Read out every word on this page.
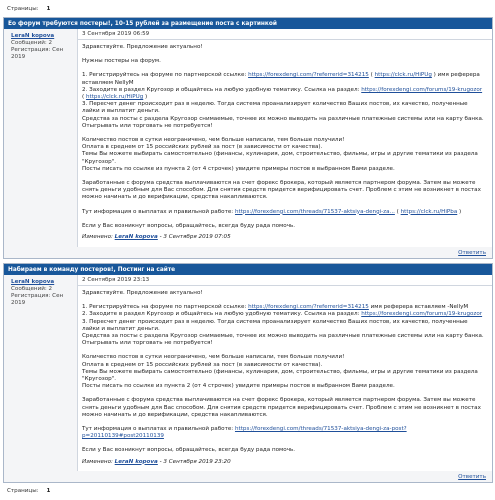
Страницы: 1
Ео форум требуются постеры!, 10-15 рублей за размещение поста с картинкой
LeraN kopova
Сообщений: 2
Регистрация: Сен
2019
3 Сентября 2019 06:59

Здравствуйте. Предложение актуально!

Нужны постеры на форум.

1. Регистрируйтесь на форуме по партнерской ссылке: https://forexdengi.com/?referrerid=314215 ( https://clck.ru/HiPUg ) имя реферера вставляем NellyM
2. Заходите в раздел Кругозор и общайтесь на любую удобную тематику. Ссылка на раздел: https://forexdengi.com/forums/19-krugozor ( https://clck.ru/HiPUg )
3. Пересчет денег происходит раз в неделю. Тогда система проанализирует количество Ваших постов, их качество, полученные лайки и выплатит деньги.
Средства за посты с раздела Кругозор снимаемые, точнее их можно выводить на различные платежные системы или на карту банка. Отыгрывать или торговать не потребуется!

Количество постов в сутки неограничено, чем больше написали, тем больше получили!
Оплата в среднем от 15 российских рублей за пост (в зависимости от качества).
Темы Вы можете выбирать самостоятельно (финансы, кулинария, дом, строительство, фильмы, игры и другие тематики из раздела "Кругозор".
Посты писать по ссылке из пункта 2 (от 4 строчек) увидите примеры постов в выбранном Вами разделе.

Заработанные с форума средства выплачиваются на счет форекс брокера, который является партнером форума. Затем вы можете снять деньги удобным для Вас способом. Для снятия средств придется верифицировать счет. Проблем с этим не возникнет в постах можно начинать и до верификации, средства накапливаются.

Тут информация о выплатах и правильной работе: https://forexdengi.com/threads/71537-aktsiya-dengi-za... ( https://clck.ru/HiPba )

Если у Вас возникнут вопросы, обращайтесь, всегда буду рада помочь.

Изменено: LeraN kopova - 3 Сентября 2019 07:05
Ответить
Набираем в команду постеров!, Постинг на сайте
LeraN kopova
Сообщений: 2
Регистрация: Сен
2019
2 Сентября 2019 23:13

Здравствуйте. Предложение актуально!

1. Регистрируйтесь на форуме по партнерской ссылке: https://forexdengi.com/?referrerid=314215 имя реферера вставляем -NellyM
2. Заходите в раздел Кругозор и общайтесь на любую удобную тематику. Ссылка на раздел: https://forexdengi.com/forums/19-krugozor
3. Пересчет денег происходит раз в неделю. Тогда система проанализирует количество Ваших постов, их качество, полученные лайки и выплатит деньги.
Средства за посты с раздела Кругозор снимаемые, точнее их можно выводить на различные платежные системы или на карту банка. Отыгрывать или торговать не потребуется!

Количество постов в сутки неограничено, чем больше написали, тем больше получили!
Оплата в среднем от 15 российских рублей за пост (в зависимости от качества).
Темы Вы можете выбирать самостоятельно (финансы, кулинария, дом, строительство, фильмы, игры и другие тематики из раздела "Кругозор".
Посты писать по ссылке из пункта 2 (от 4 строчек) увидите примеры постов в выбранном Вами разделе.

Заработанные с форума средства выплачиваются на счет форекс брокера, который является партнером форума. Затем вы можете снять деньги удобным для Вас способом. Для снятия средств придется верифицировать счет. Проблем с этим не возникнет в постах можно начинать и до верификации, средства накапливаются.

Тут информация о выплатах и правильной работе: https://forexdengi.com/threads/71537-aktsiya-dengi-za-post?p=20110139#post20110139

Если у Вас возникнут вопросы, обращайтесь, всегда буду рада помочь.

Изменено: LeraN kopova - 3 Сентября 2019 23:20
Ответить
Страницы: 1
